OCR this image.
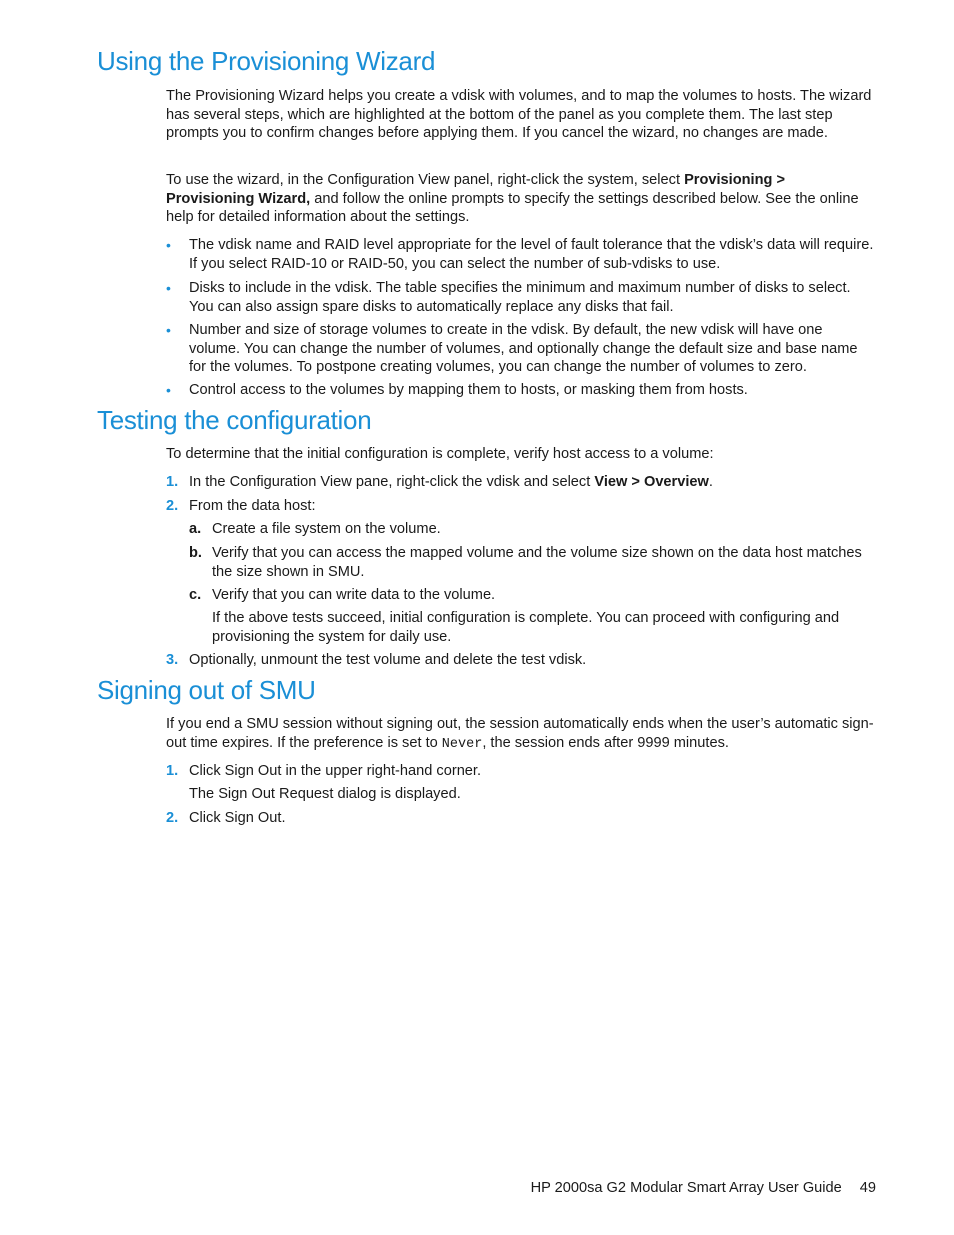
Using the Provisioning Wizard

The Provisioning Wizard helps you create a vdisk with volumes, and to map the volumes to hosts. The wizard has several steps, which are highlighted at the bottom of the panel as you complete them. The last step prompts you to confirm changes before applying them. If you cancel the wizard, no changes are made.

To use the wizard, in the Configuration View panel, right-click the system, select Provisioning > Provisioning Wizard, and follow the online prompts to specify the settings described below. See the online help for detailed information about the settings.

• The vdisk name and RAID level appropriate for the level of fault tolerance that the vdisk’s data will require. If you select RAID-10 or RAID-50, you can select the number of sub-vdisks to use.
• Disks to include in the vdisk. The table specifies the minimum and maximum number of disks to select. You can also assign spare disks to automatically replace any disks that fail.
• Number and size of storage volumes to create in the vdisk. By default, the new vdisk will have one volume. You can change the number of volumes, and optionally change the default size and base name for the volumes. To postpone creating volumes, you can change the number of volumes to zero.
• Control access to the volumes by mapping them to hosts, or masking them from hosts.
Testing the configuration

To determine that the initial configuration is complete, verify host access to a volume:

1. In the Configuration View pane, right-click the vdisk and select View > Overview.
2. From the data host:
a. Create a file system on the volume.
b. Verify that you can access the mapped volume and the volume size shown on the data host matches the size shown in SMU.
c. Verify that you can write data to the volume.
If the above tests succeed, initial configuration is complete. You can proceed with configuring and provisioning the system for daily use.
3. Optionally, unmount the test volume and delete the test vdisk.
Signing out of SMU

If you end a SMU session without signing out, the session automatically ends when the user’s automatic sign-out time expires. If the preference is set to Never, the session ends after 9999 minutes.

1. Click Sign Out in the upper right-hand corner.
The Sign Out Request dialog is displayed.
2. Click Sign Out.
HP 2000sa G2 Modular Smart Array User Guide 49
